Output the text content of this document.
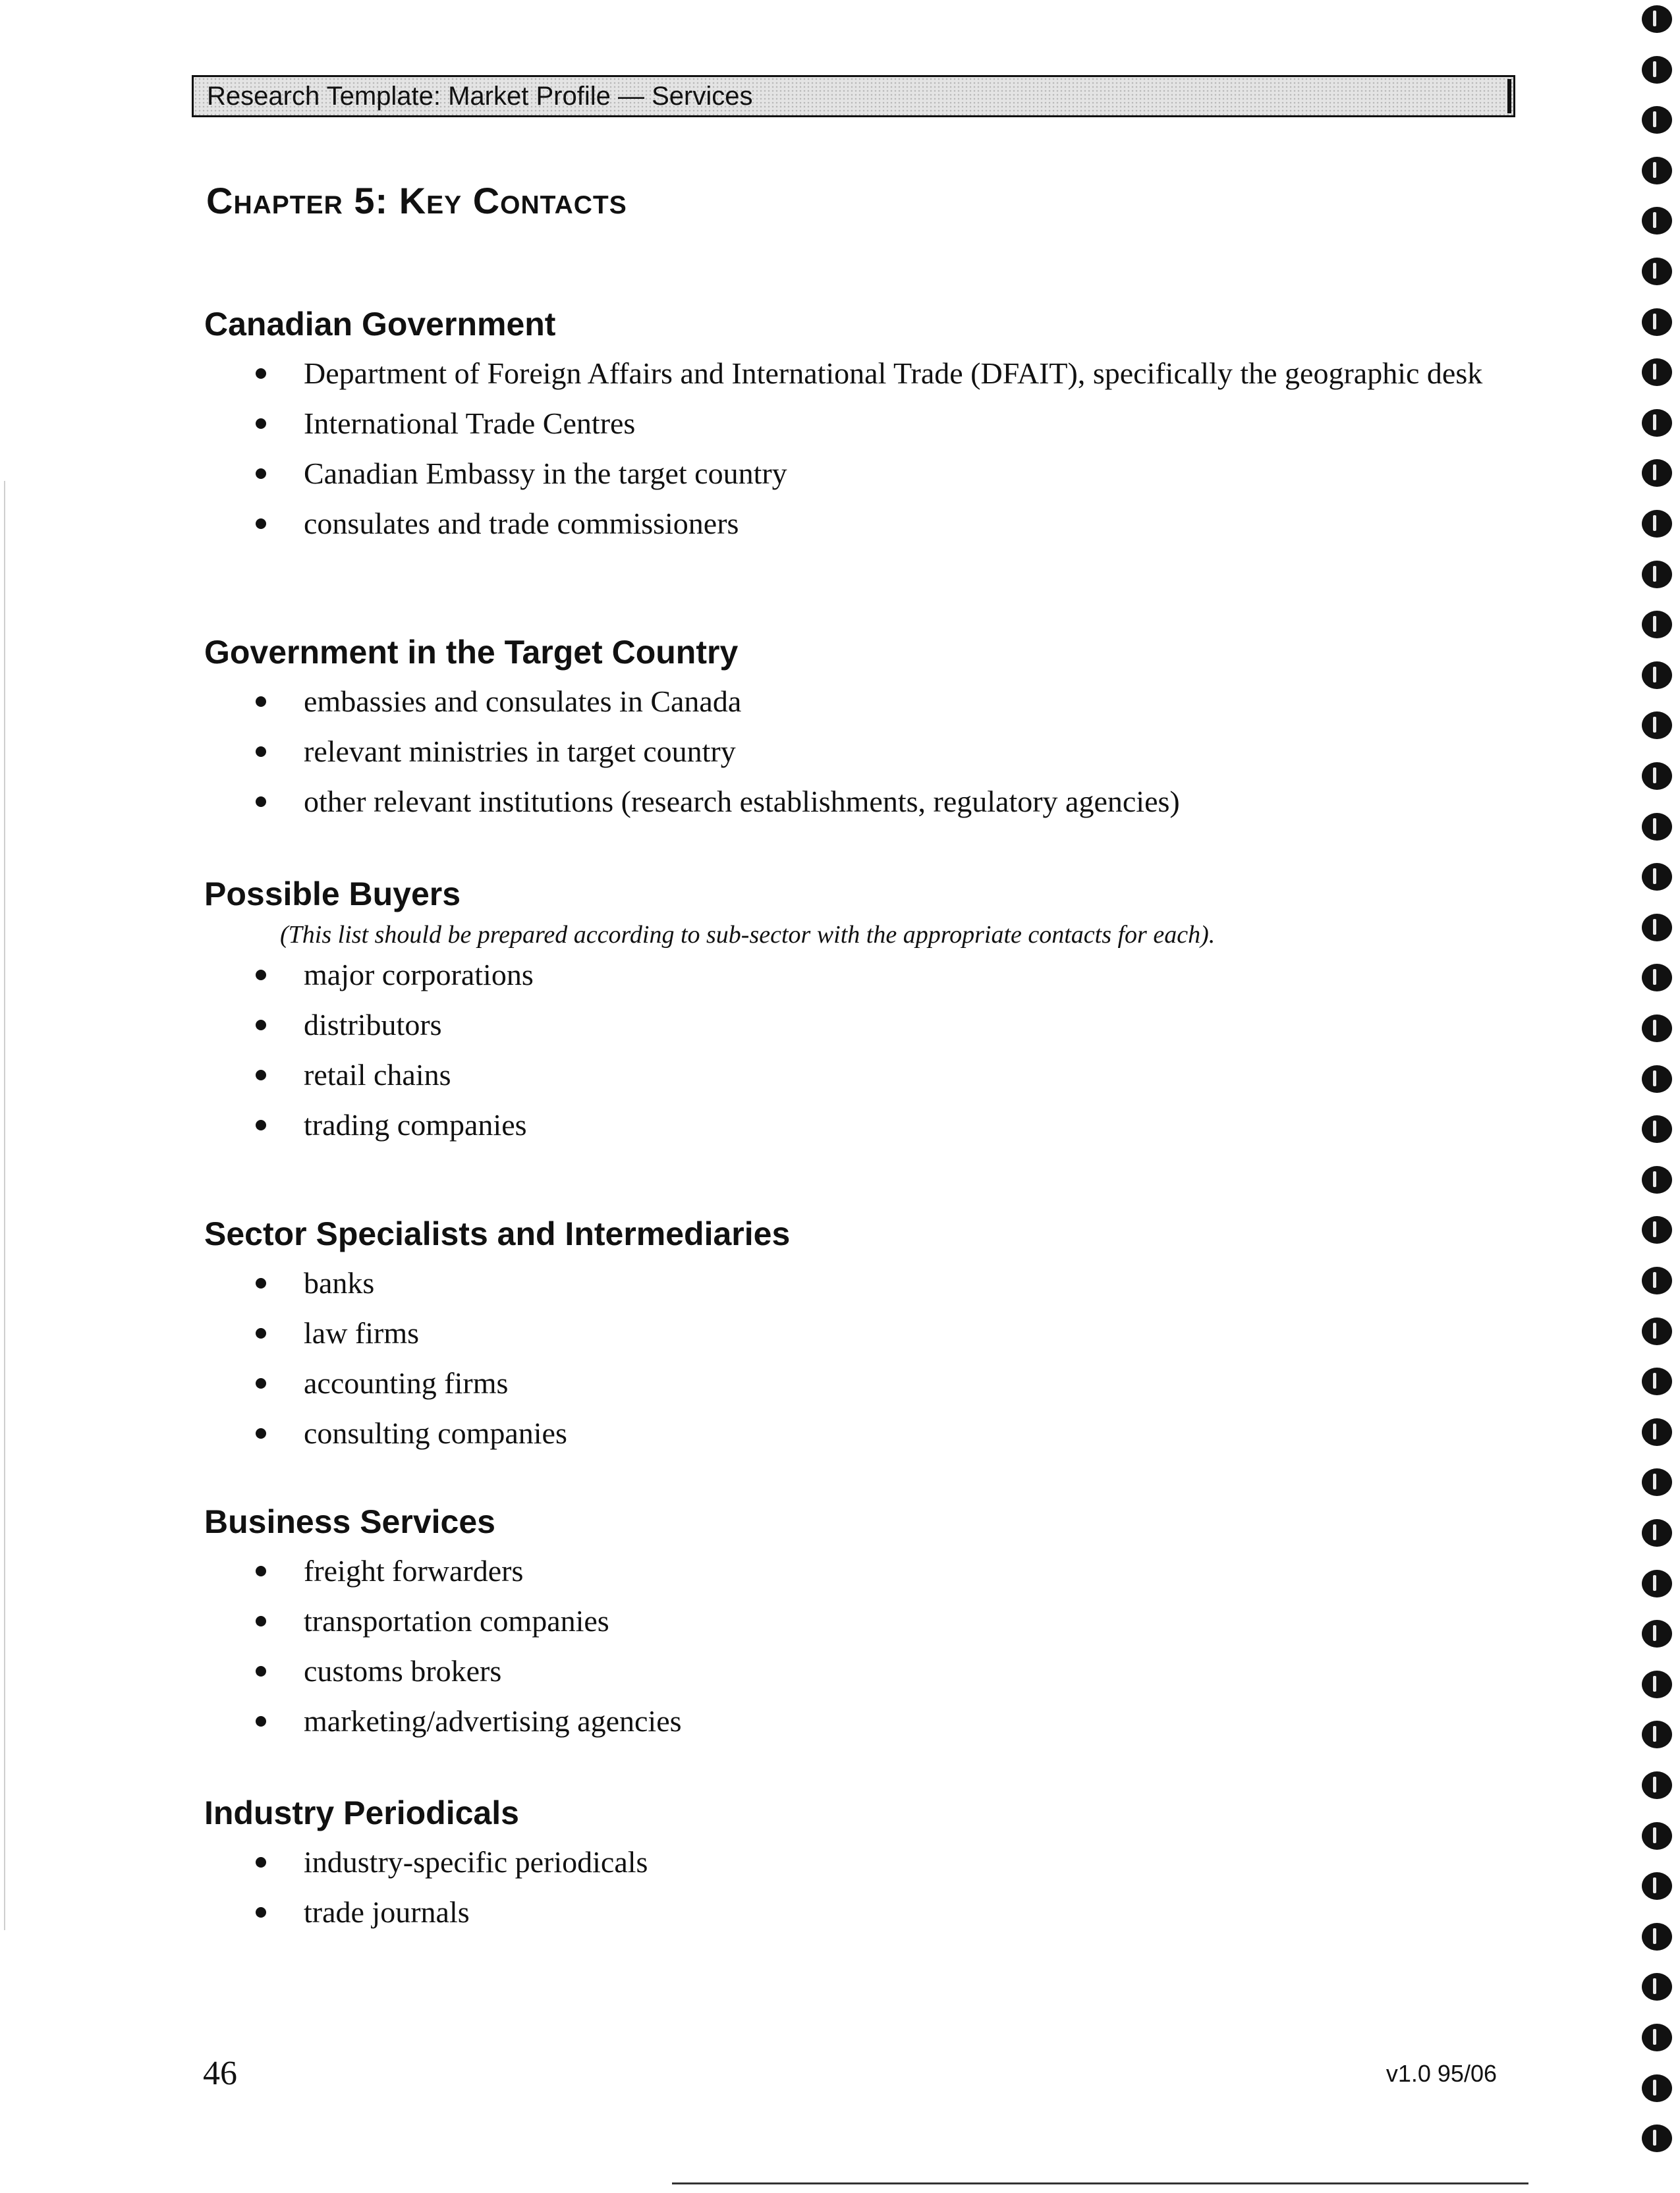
Research Template: Market Profile — Services
Chapter 5: Key Contacts
Canadian Government
Department of Foreign Affairs and International Trade (DFAIT), specifically the geographic desk
International Trade Centres
Canadian Embassy in the target country
consulates and trade commissioners
Government in the Target Country
embassies and consulates in Canada
relevant ministries in target country
other relevant institutions (research establishments, regulatory agencies)
Possible Buyers
(This list should be prepared according to sub-sector with the appropriate contacts for each).
major corporations
distributors
retail chains
trading companies
Sector Specialists and Intermediaries
banks
law firms
accounting firms
consulting companies
Business Services
freight forwarders
transportation companies
customs brokers
marketing/advertising agencies
Industry Periodicals
industry-specific periodicals
trade journals
46	v1.0 95/06
